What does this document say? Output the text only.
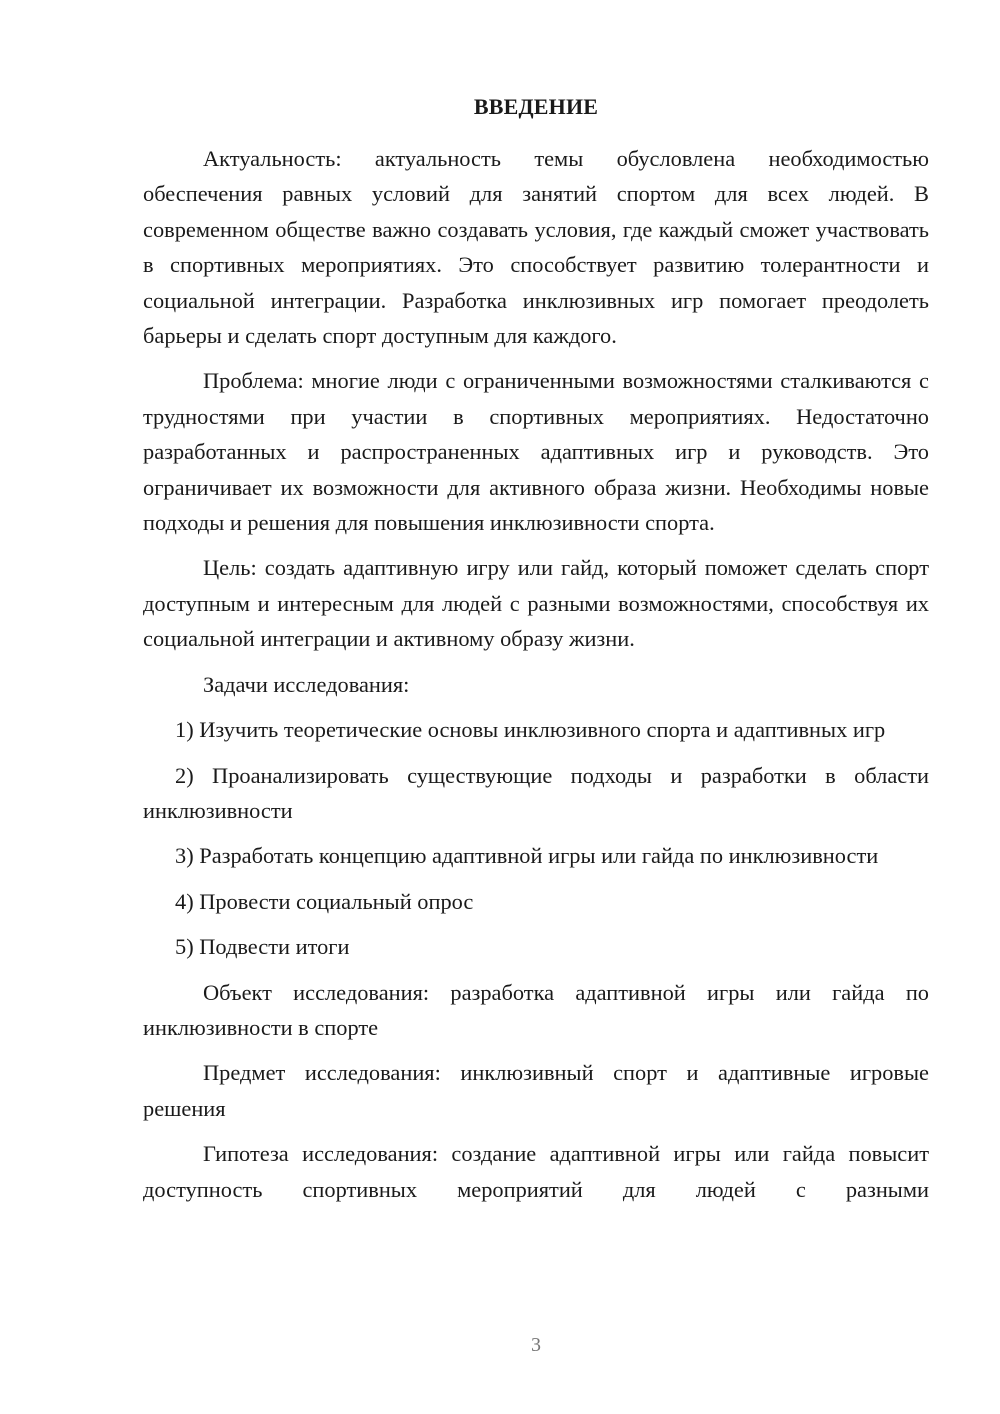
ВВЕДЕНИЕ

Актуальность: актуальность темы обусловлена необходимостью обеспечения равных условий для занятий спортом для всех людей. В современном обществе важно создавать условия, где каждый сможет участвовать в спортивных мероприятиях. Это способствует развитию толерантности и социальной интеграции. Разработка инклюзивных игр помогает преодолеть барьеры и сделать спорт доступным для каждого.

Проблема: многие люди с ограниченными возможностями сталкиваются с трудностями при участии в спортивных мероприятиях. Недостаточно разработанных и распространенных адаптивных игр и руководств. Это ограничивает их возможности для активного образа жизни. Необходимы новые подходы и решения для повышения инклюзивности спорта.

Цель: создать адаптивную игру или гайд, который поможет сделать спорт доступным и интересным для людей с разными возможностями, способствуя их социальной интеграции и активному образу жизни.

Задачи исследования:

1) Изучить теоретические основы инклюзивного спорта и адаптивных игр

2) Проанализировать существующие подходы и разработки в области инклюзивности

3) Разработать концепцию адаптивной игры или гайда по инклюзивности

4) Провести социальный опрос

5) Подвести итоги

Объект исследования: разработка адаптивной игры или гайда по инклюзивности в спорте

Предмет исследования: инклюзивный спорт и адаптивные игровые решения

Гипотеза исследования: создание адаптивной игры или гайда повысит доступность спортивных мероприятий для людей с разными

3
